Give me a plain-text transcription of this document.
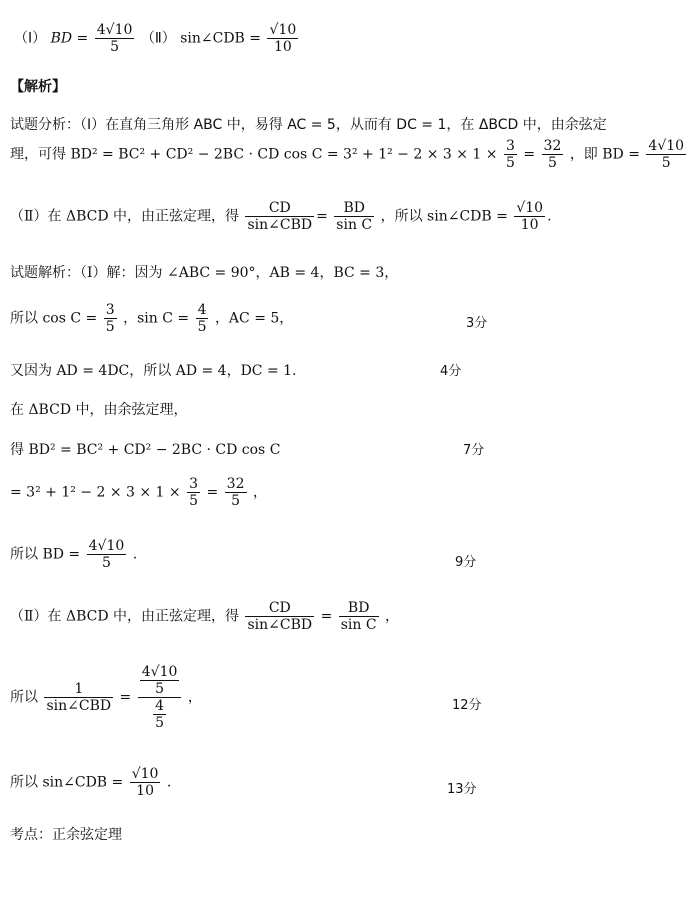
（Ⅰ） BD = $\frac{4√10}{5}$ （Ⅱ） sin∠CDB = $\frac{√10}{10}$
【解析】
试题分析：（Ⅰ）在直角三角形 ABC 中，易得 AC = 5，从而有 DC = 1，在 ΔBCD 中，由余弦定
理，可得 BD² = BC² + CD² − 2BC · CD $\cos C = 3^2 + 1^2 - 2 \times 3 \times 1 \times \frac{3}{5} = \frac{32}{5}$ ，即 BD = $\frac{4√10}{5}$
（Ⅱ）在 ΔBCD 中，由正弦定理，得
CD
sin∠CBD
= $\frac{BD}{\text{sin C}}$ ，所以 sin∠CDB = $\frac{√10}{10}$ .
试题解析：（Ⅰ）解：因为 ∠ABC = 90°，AB = 4，BC = 3，
所以 $\cos C = \frac{3}{5}$ ，$\sin C = \frac{4}{5}$ ，AC = 5，	3分
又因为 AD = 4DC，所以 AD = 4，DC = 1.	4分
在 ΔBCD 中，由余弦定理，
得 BD² = BC² + CD² − 2BC · CD cos C	7分
= $3^2 + 1^2 - 2 \times 3 \times 1 \times \frac{3}{5} = \frac{32}{5}$ ，
所以 BD = $\frac{4√10}{5}$ .	9分
（Ⅱ）在 ΔBCD 中，由正弦定理，得
CD
sin∠CBD
= $\frac{BD}{\text{sin C}}$ ，
所以
1
sin∠CBD
= $\frac{\frac{4√10}{5}}{\frac{4}{5}}$ ，	12分
所以 sin∠CDB = $\frac{√10}{10}$ .	13分
考点：正余弦定理
